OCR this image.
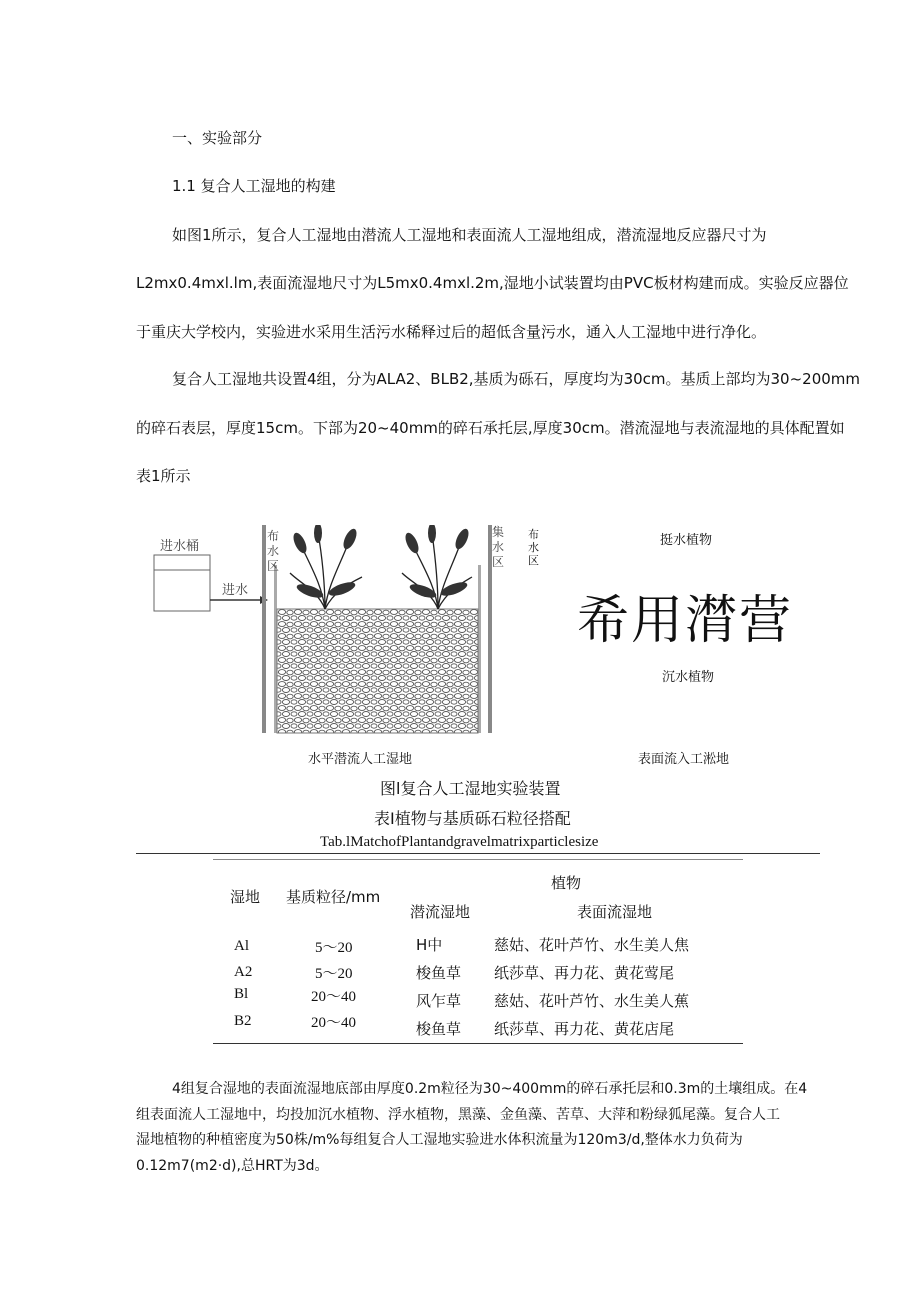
一、实验部分
1.1 复合人工湿地的构建
如图1所示，复合人工湿地由潜流人工湿地和表面流人工湿地组成，潜流湿地反应器尺寸为
L2mx0.4mxl.lm,表面流湿地尺寸为L5mx0.4mxl.2m,湿地小试装置均由PVC板材构建而成。实验反应器位
于重庆大学校内，实验进水采用生活污水稀释过后的超低含量污水，通入人工湿地中进行净化。
复合人工湿地共设置4组，分为ALA2、BLB2,基质为砾石，厚度均为30cm。基质上部均为30~200mm
的碎石表层，厚度15cm。下部为20~40mm的碎石承托层,厚度30cm。潜流湿地与表流湿地的具体配置如
表1所示
进水桶
进水
布水区
集水区
布水区
挺水植物
希用潸营
沉水植物
水平潜流人工湿地	表面流入工淞地
图l复合人工湿地实验装置
表I植物与基质砾石粒径搭配
Tab.lMatchofPlantandgravelmatrixparticlesize
湿地 基质粒径/mm
植物
潜流湿地	表面流湿地
Al	5～20	H中	慈姑、花叶芦竹、水生美人焦
A2	5～20	梭鱼草 纸莎草、再力花、黄花莺尾
Bl	20～40	风乍草 慈姑、花叶芦竹、水生美人蕉
B2	20～40	梭鱼草 纸莎草、再力花、黄花店尾
4组复合湿地的表面流湿地底部由厚度0.2m粒径为30~400mm的碎石承托层和0.3m的土壤组成。在4
组表面流人工湿地中，均投加沉水植物、浮水植物，黑藻、金鱼藻、苦草、大萍和粉绿狐尾藻。复合人工
湿地植物的种植密度为50株/m%每组复合人工湿地实验进水体积流量为120m3/d,整体水力负荷为
0.12m7(m2·d),总HRT为3d。
